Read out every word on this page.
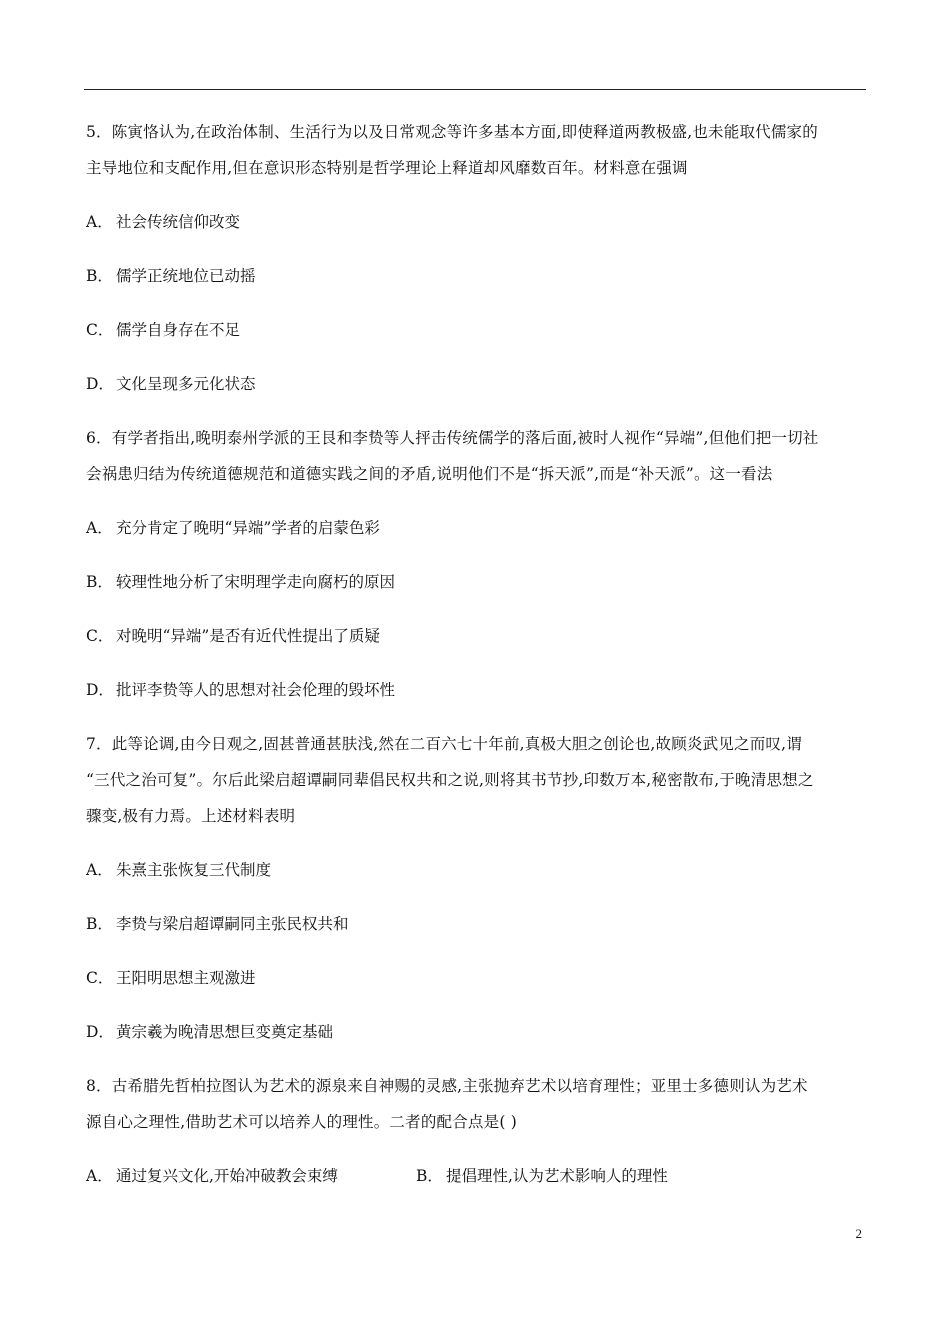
5．陈寅恪认为,在政治体制、生活行为以及日常观念等许多基本方面,即使释道两教极盛,也未能取代儒家的
主导地位和支配作用,但在意识形态特别是哲学理论上释道却风靡数百年。材料意在强调
A． 社会传统信仰改变
B． 儒学正统地位已动摇
C． 儒学自身存在不足
D． 文化呈现多元化状态
6．有学者指出,晚明泰州学派的王艮和李贽等人抨击传统儒学的落后面,被时人视作“异端”,但他们把一切社
会祸患归结为传统道德规范和道德实践之间的矛盾,说明他们不是“拆天派”,而是“补天派”。这一看法
A． 充分肯定了晚明“异端”学者的启蒙色彩
B． 较理性地分析了宋明理学走向腐朽的原因
C． 对晚明“异端”是否有近代性提出了质疑
D． 批评李贽等人的思想对社会伦理的毁坏性
7．此等论调,由今日观之,固甚普通甚肤浅,然在二百六七十年前,真极大胆之创论也,故顾炎武见之而叹,谓
“三代之治可复”。尔后此梁启超谭嗣同辈倡民权共和之说,则将其书节抄,印数万本,秘密散布,于晚清思想之
骤变,极有力焉。上述材料表明
A． 朱熹主张恢复三代制度
B． 李贽与梁启超谭嗣同主张民权共和
C． 王阳明思想主观激进
D． 黄宗羲为晚清思想巨变奠定基础
8．古希腊先哲柏拉图认为艺术的源泉来自神赐的灵感,主张抛弃艺术以培育理性；亚里士多德则认为艺术
源自心之理性,借助艺术可以培养人的理性。二者的配合点是( )
A． 通过复兴文化,开始冲破教会束缚	B． 提倡理性,认为艺术影响人的理性
2
